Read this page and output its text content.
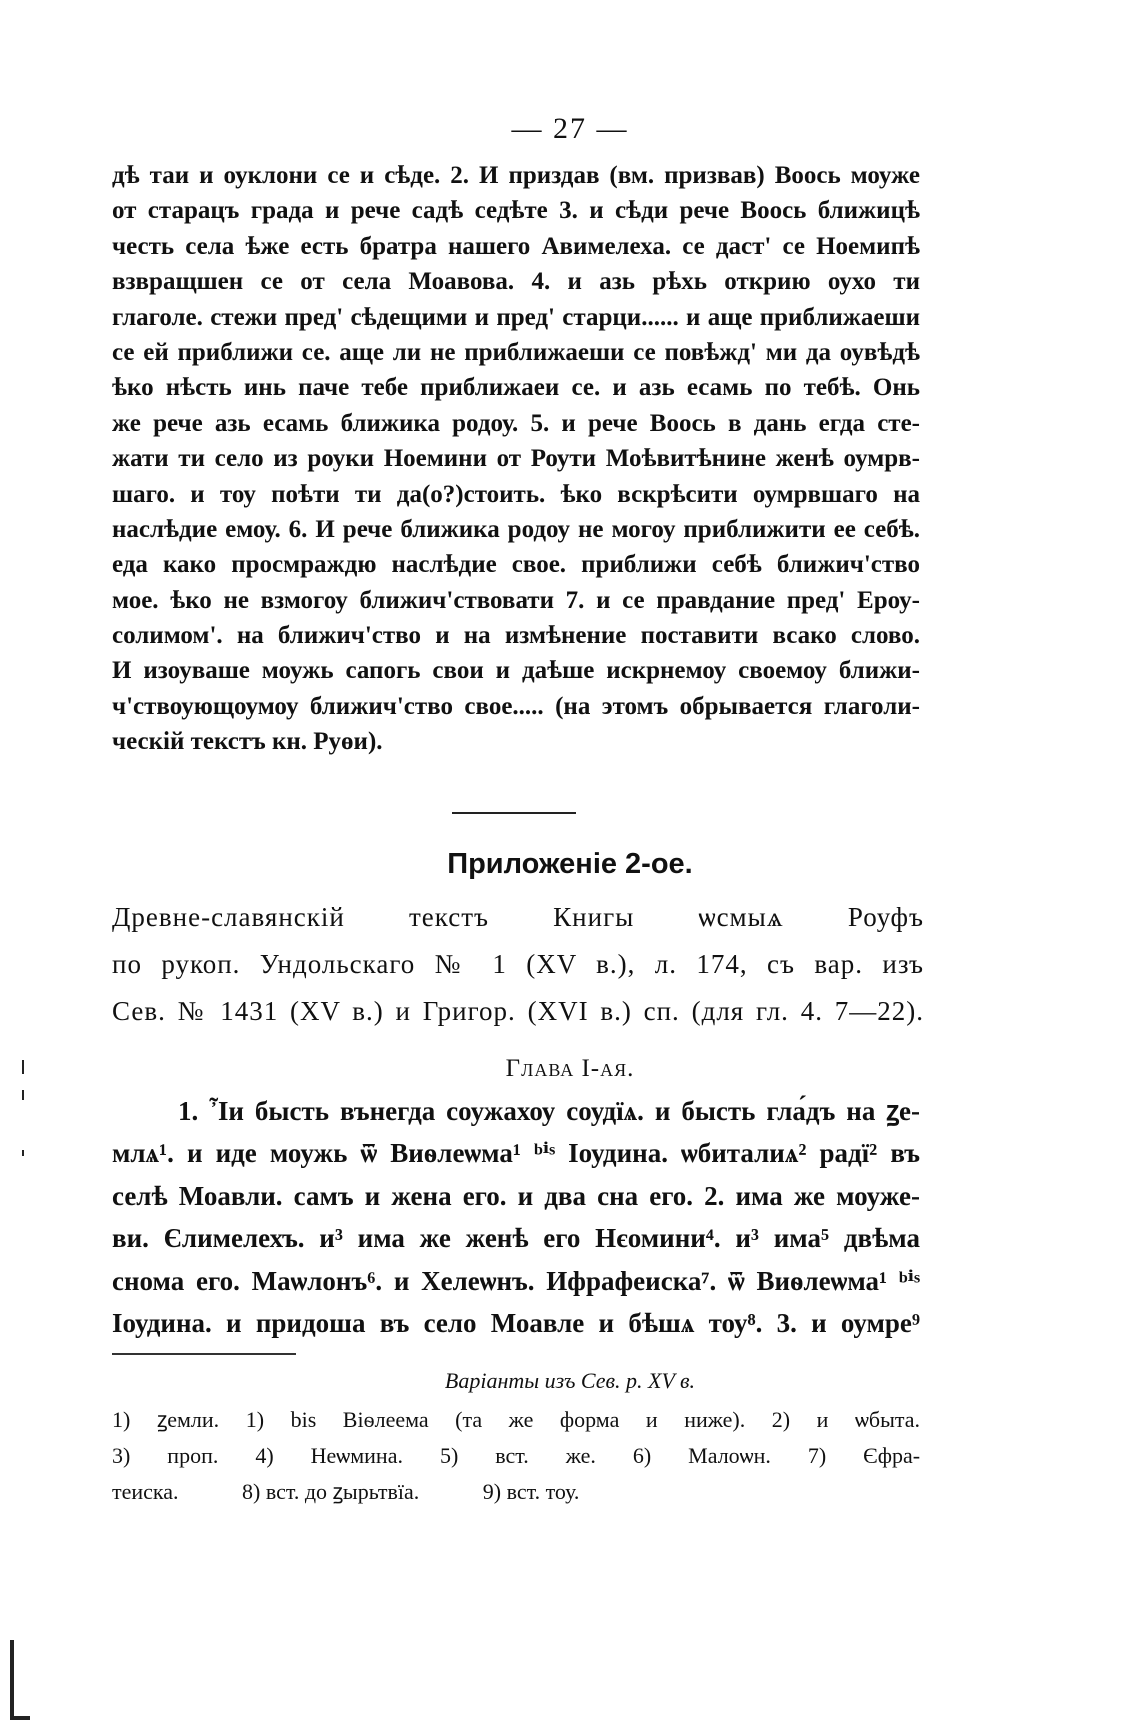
— 27 —
дѣ таи и оуклони се и сѣде. 2. И приздав (вм. призвав) Воось моуже
от старацъ града и рече садѣ седѣте 3. и сѣди рече Воось ближицѣ
честь села ѣже есть братра нашего Авимелеха. се даст' се Ноемипѣ
взвращшен се от села Моавова. 4. и азь рѣхь открию оухо ти
глаголе. стежи пред' сѣдещими и пред' старци...... и аще приближаеши
се ей приближи се. аще ли не приближаеши се повѣжд' ми да оувѣдѣ
ѣко нѣсть инь паче тебе приближаеи се. и азь есамь по тебѣ. Онь
же рече азь есамь ближика родоу. 5. и рече Воось в дань егда сте-
жати ти село из роуки Ноемини от Роути Моѣвитѣнине женѣ оумрв-
шаго. и тоу поѣти ти да(о?)стоить. ѣко вскрѣсити оумрвшаго на
наслѣдие емоу. 6. И рече ближика родоу не могоу приближити ее себѣ.
еда како просмраждю наслѣдие свое. приближи себѣ ближич'ство
мое. ѣко не взмогоу ближич'ствовати 7. и се правдание пред' Ероу-
солимом'. на ближич'ство и на измѣнение поставити всако слово.
И изоуваше моужь сапогь свои и даѣше искрнемоу своемоу ближи-
ч'ствоующоумоу ближич'ство свое..... (на этомъ обрывается глаголи-
ческій текстъ кн. Руөи).
Приложеніе 2-ое.
Древне-славянскій текстъ Книгы ѡсмыѧ Роуфъ
по рукоп. Ундольскаго № 1 (XV в.), л. 174, съ вар. изъ
Сев. № 1431 (XV в.) и Григор. (XVI в.) сп. (для гл. 4. 7—22).
Глава I-ая.
1. Ἶи бысть вънегда соужахоу соудїѧ. и бысть гла́дъ на ꙁе-
млѧ¹. и иде моужь ѿ Виѳлеѡма¹ ᵇⁱˢ Іоудина. ѡбиталиѧ² радї² въ
селѣ Моавли. самъ и жена его. и два сна его. 2. има же моуже-
ви. Єлимелехъ. и³ има же женѣ его Нєомини⁴. и³ има⁵ двѣма
снома его. Маѡлонъ⁶. и Хелеѡнъ. Ифрафеиска⁷. ѿ Виѳлеѡма¹ ᵇⁱˢ
Іоудина. и придоша въ село Моавле и бѣшѧ тоу⁸. 3. и оумре⁹
Варіанты изъ Сев. р. XV в.
1) ꙁемли. 1) bis Віѳлеема (та же форма и ниже). 2) и ѡбыта.
3) проп. 4) Неѡмина. 5) вст. же. 6) Малоѡн. 7) Єфра-
теиска.	8) вст. до ꙁырьтвїа.	9) вст. тоу.
